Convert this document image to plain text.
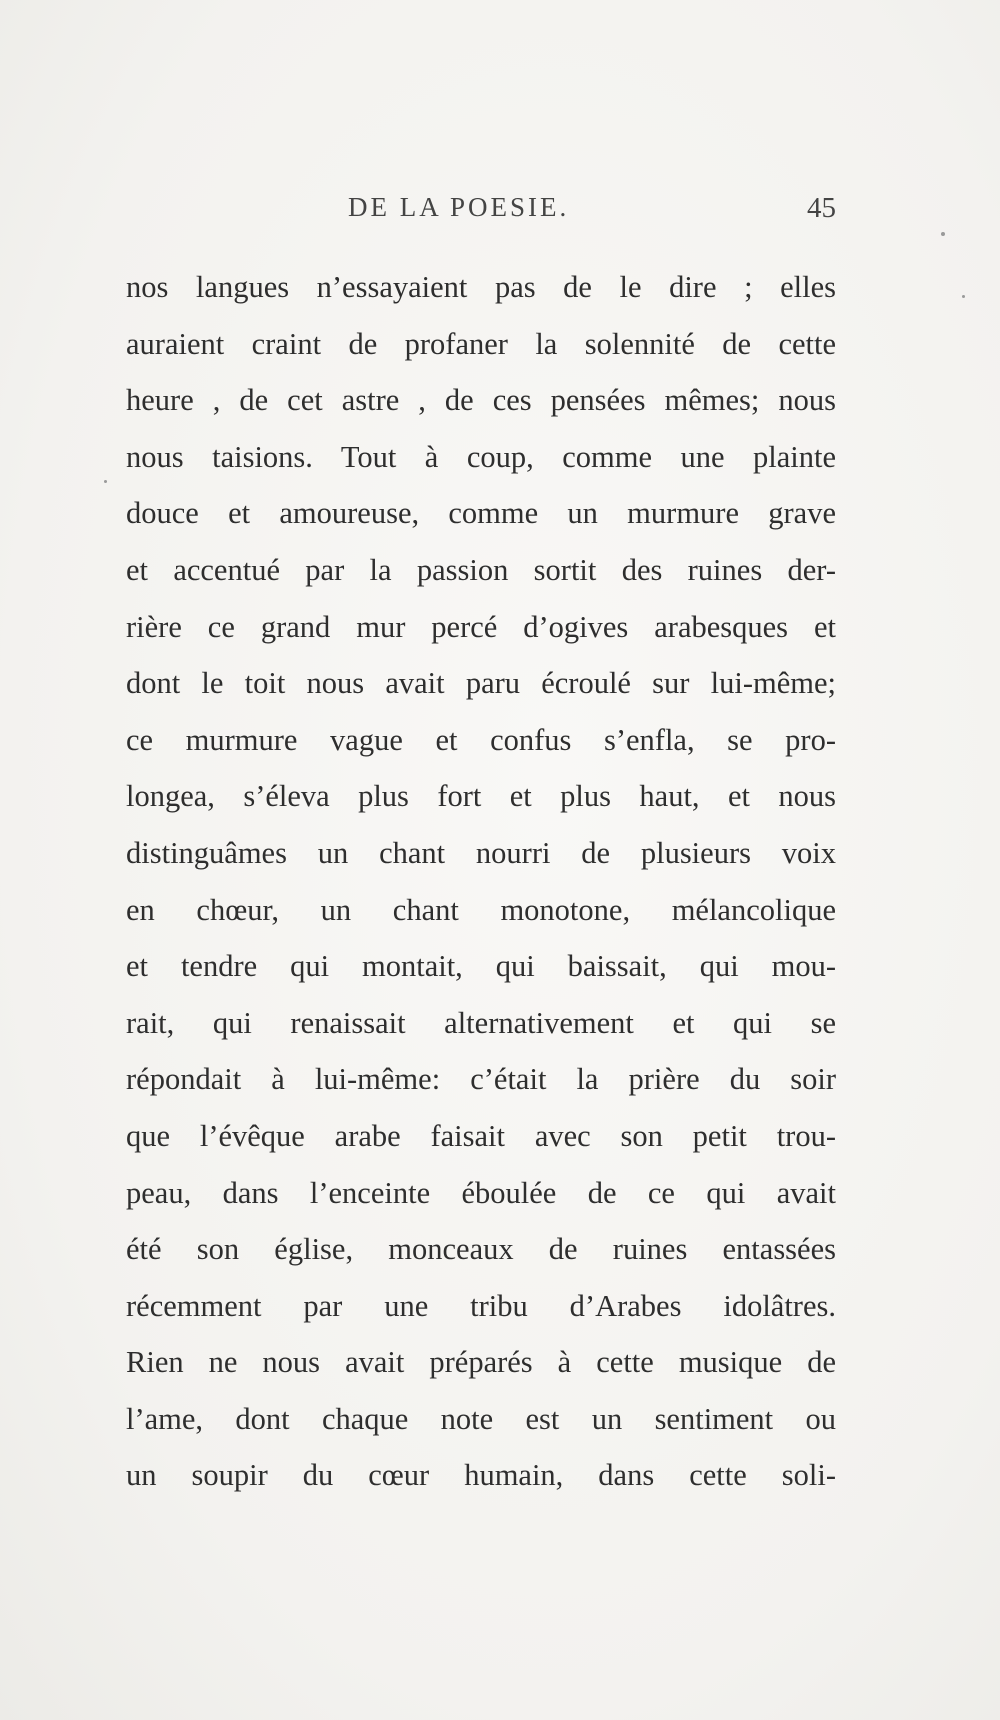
DE LA POESIE.	45
nos langues n’essayaient pas de le dire ; elles
auraient craint de profaner la solennité de cette
heure , de cet astre , de ces pensées mêmes; nous
nous taisions. Tout à coup, comme une plainte
douce et amoureuse, comme un murmure grave
et accentué par la passion sortit des ruines der-
rière ce grand mur percé d’ogives arabesques et
dont le toit nous avait paru écroulé sur lui-même;
ce murmure vague et confus s’enfla, se pro-
longea, s’éleva plus fort et plus haut, et nous
distinguâmes un chant nourri de plusieurs voix
en chœur, un chant monotone, mélancolique
et tendre qui montait, qui baissait, qui mou-
rait, qui renaissait alternativement et qui se
répondait à lui-même: c’était la prière du soir
que l’évêque arabe faisait avec son petit trou-
peau, dans l’enceinte éboulée de ce qui avait
été son église, monceaux de ruines entassées
récemment par une tribu d’Arabes idolâtres.
Rien ne nous avait préparés à cette musique de
l’ame, dont chaque note est un sentiment ou
un soupir du cœur humain, dans cette soli-
